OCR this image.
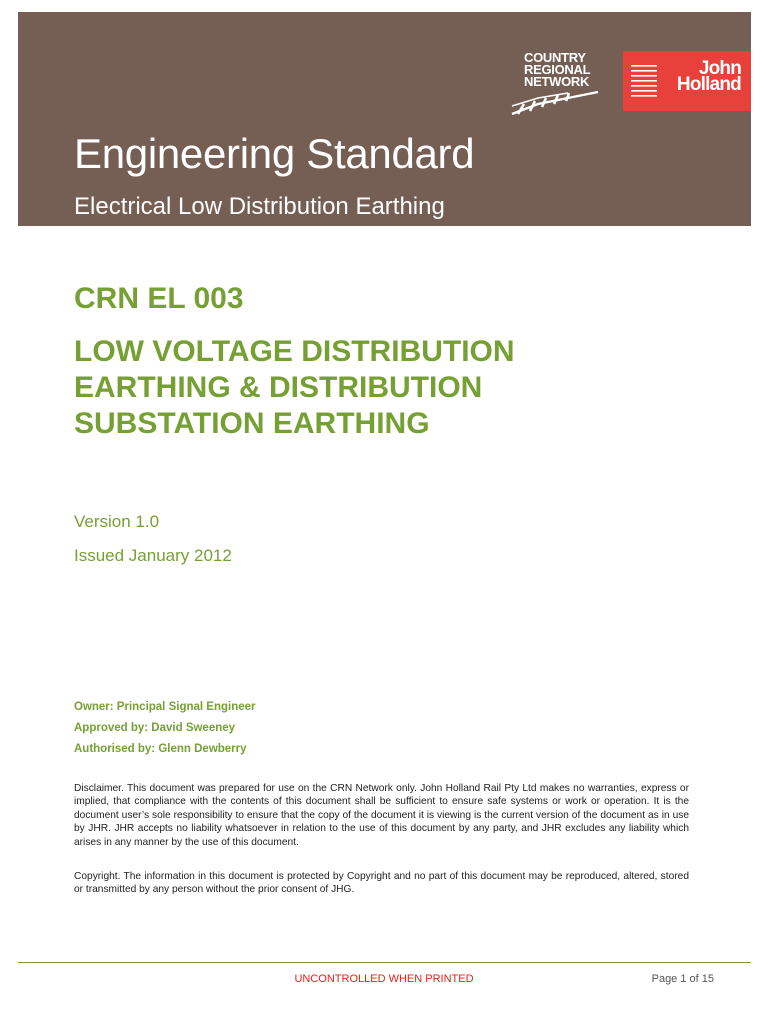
COUNTRY
REGIONAL
NETWORK
John
Holland
Engineering Standard
Electrical Low Distribution Earthing
CRN EL 003
LOW VOLTAGE DISTRIBUTION
EARTHING & DISTRIBUTION
SUBSTATION EARTHING
Version 1.0
Issued January 2012
Owner: Principal Signal Engineer
Approved by: David Sweeney
Authorised by: Glenn Dewberry

Disclaimer. This document was prepared for use on the CRN Network only. John Holland Rail Pty Ltd makes no warranties, express or implied, that compliance with the contents of this document shall be sufficient to ensure safe systems or work or operation. It is the document user’s sole responsibility to ensure that the copy of the document it is viewing is the current version of the document as in use by JHR. JHR accepts no liability whatsoever in relation to the use of this document by any party, and JHR excludes any liability which arises in any manner by the use of this document.

Copyright. The information in this document is protected by Copyright and no part of this document may be reproduced, altered, stored or transmitted by any person without the prior consent of JHG.

UNCONTROLLED WHEN PRINTED	Page 1 of 15
